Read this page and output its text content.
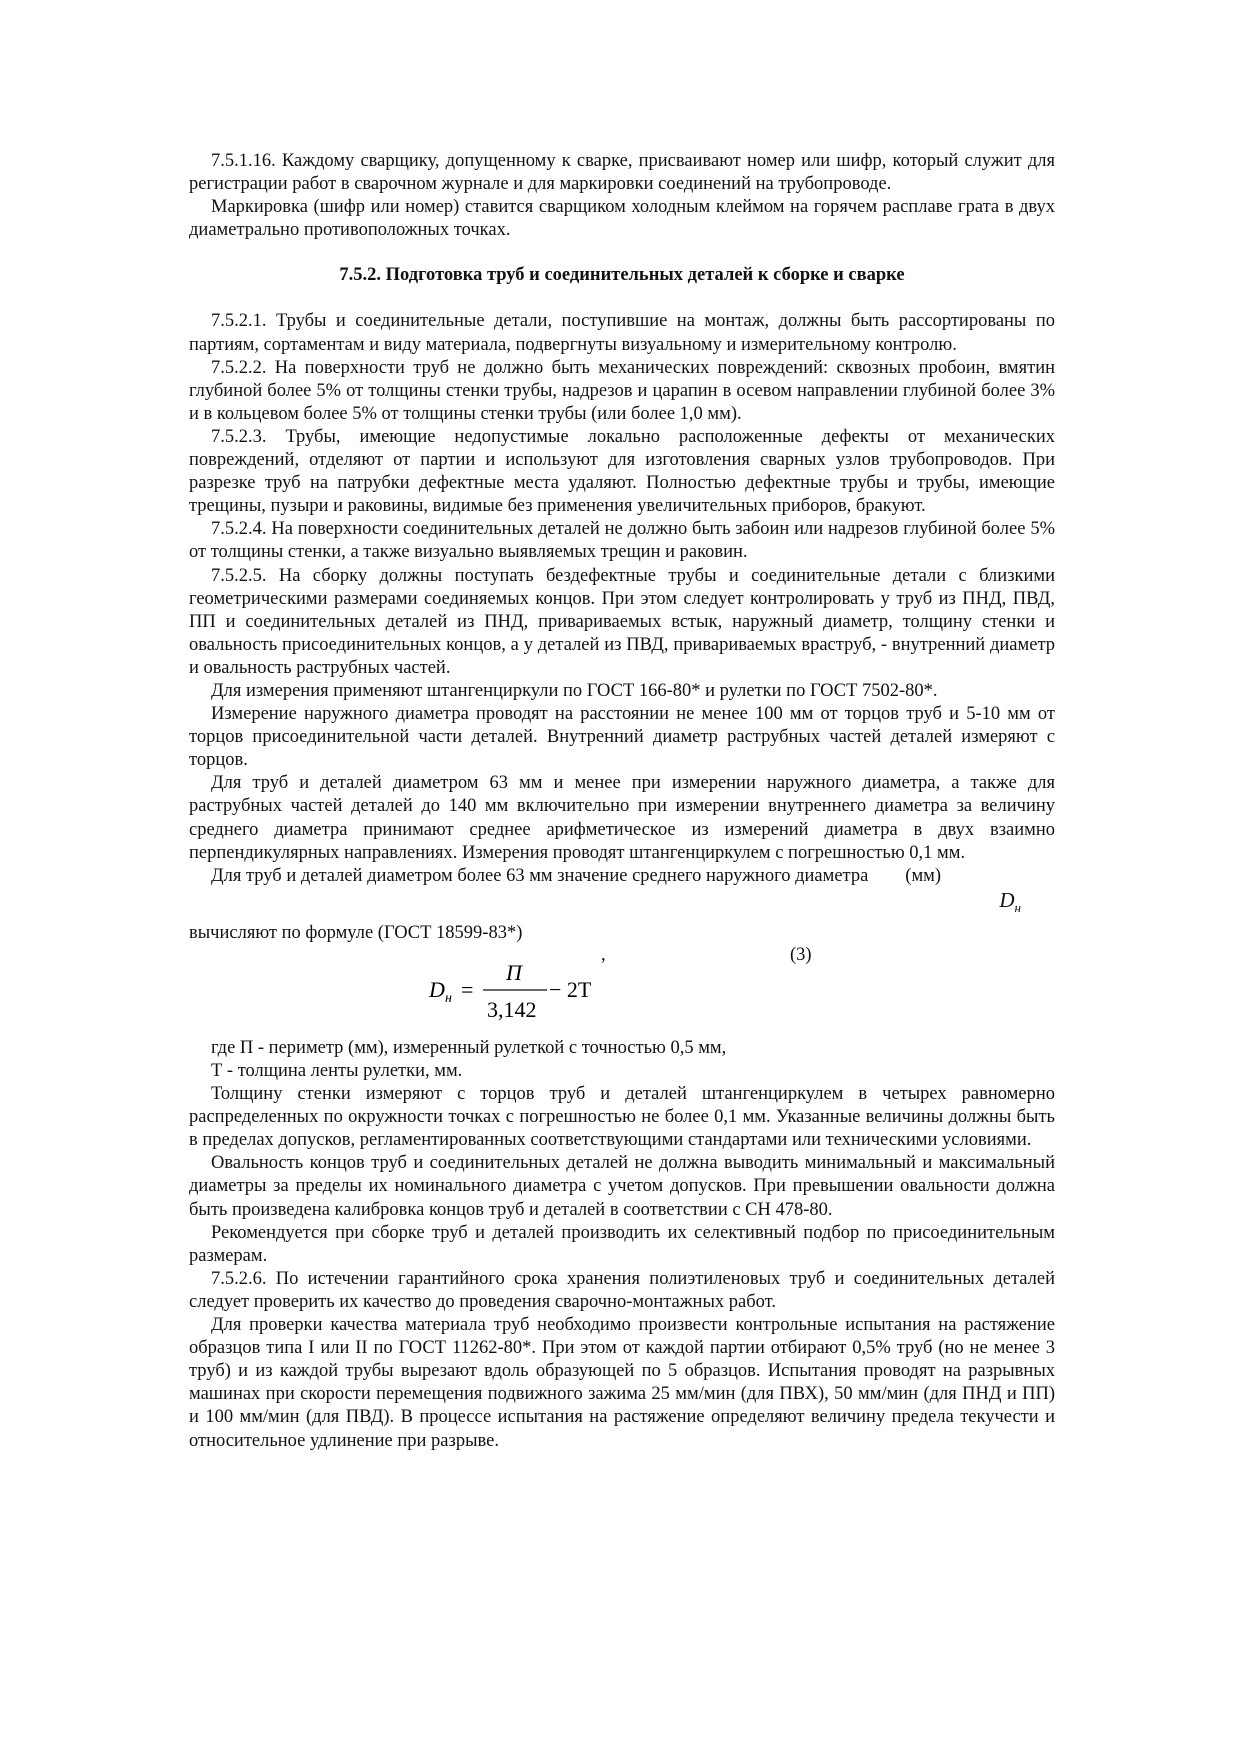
7.5.1.16. Каждому сварщику, допущенному к сварке, присваивают номер или шифр, который служит для регистрации работ в сварочном журнале и для маркировки соединений на трубопроводе.

Маркировка (шифр или номер) ставится сварщиком холодным клеймом на горячем расплаве грата в двух диаметрально противоположных точках.

7.5.2. Подготовка труб и соединительных деталей к сборке и сварке

7.5.2.1. Трубы и соединительные детали, поступившие на монтаж, должны быть рассортированы по партиям, сортаментам и виду материала, подвергнуты визуальному и измерительному контролю.

7.5.2.2. На поверхности труб не должно быть механических повреждений: сквозных пробоин, вмятин глубиной более 5% от толщины стенки трубы, надрезов и царапин в осевом направлении глубиной более 3% и в кольцевом более 5% от толщины стенки трубы (или более 1,0 мм).

7.5.2.3. Трубы, имеющие недопустимые локально расположенные дефекты от механических повреждений, отделяют от партии и используют для изготовления сварных узлов трубопроводов. При разрезке труб на патрубки дефектные места удаляют. Полностью дефектные трубы и трубы, имеющие трещины, пузыри и раковины, видимые без применения увеличительных приборов, бракуют.

7.5.2.4. На поверхности соединительных деталей не должно быть забоин или надрезов глубиной более 5% от толщины стенки, а также визуально выявляемых трещин и раковин.

7.5.2.5. На сборку должны поступать бездефектные трубы и соединительные детали с близкими геометрическими размерами соединяемых концов. При этом следует контролировать у труб из ПНД, ПВД, ПП и соединительных деталей из ПНД, привариваемых встык, наружный диаметр, толщину стенки и овальность присоединительных концов, а у деталей из ПВД, привариваемых враструб, - внутренний диаметр и овальность раструбных частей.

Для измерения применяют штангенциркули по ГОСТ 166-80* и рулетки по ГОСТ 7502-80*.

Измерение наружного диаметра проводят на расстоянии не менее 100 мм от торцов труб и 5-10 мм от торцов присоединительной части деталей. Внутренний диаметр раструбных частей деталей измеряют с торцов.

Для труб и деталей диаметром 63 мм и менее при измерении наружного диаметра, а также для раструбных частей деталей до 140 мм включительно при измерении внутреннего диаметра за величину среднего диаметра принимают среднее арифметическое из измерений диаметра в двух взаимно перпендикулярных направлениях. Измерения проводят штангенциркулем с погрешностью 0,1 мм.

Для труб и деталей диаметром более 63 мм значение среднего наружного диаметра        (мм)

$D_н$

вычисляют по формуле (ГОСТ 18599-83*)

,	(3)
D н =
П
3,142
− 2T

где П - периметр (мм), измеренный рулеткой с точностью 0,5 мм,

Т - толщина ленты рулетки, мм.

Толщину стенки измеряют с торцов труб и деталей штангенциркулем в четырех равномерно распределенных по окружности точках с погрешностью не более 0,1 мм. Указанные величины должны быть в пределах допусков, регламентированных соответствующими стандартами или техническими условиями.

Овальность концов труб и соединительных деталей не должна выводить минимальный и максимальный диаметры за пределы их номинального диаметра с учетом допусков. При превышении овальности должна быть произведена калибровка концов труб и деталей в соответствии с СН 478-80.

Рекомендуется при сборке труб и деталей производить их селективный подбор по присоединительным размерам.

7.5.2.6. По истечении гарантийного срока хранения полиэтиленовых труб и соединительных деталей следует проверить их качество до проведения сварочно-монтажных работ.

Для проверки качества материала труб необходимо произвести контрольные испытания на растяжение образцов типа I или II по ГОСТ 11262-80*. При этом от каждой партии отбирают 0,5% труб (но не менее 3 труб) и из каждой трубы вырезают вдоль образующей по 5 образцов. Испытания проводят на разрывных машинах при скорости перемещения подвижного зажима 25 мм/мин (для ПВХ), 50 мм/мин (для ПНД и ПП) и 100 мм/мин (для ПВД). В процессе испытания на растяжение определяют величину предела текучести и относительное удлинение при разрыве.
